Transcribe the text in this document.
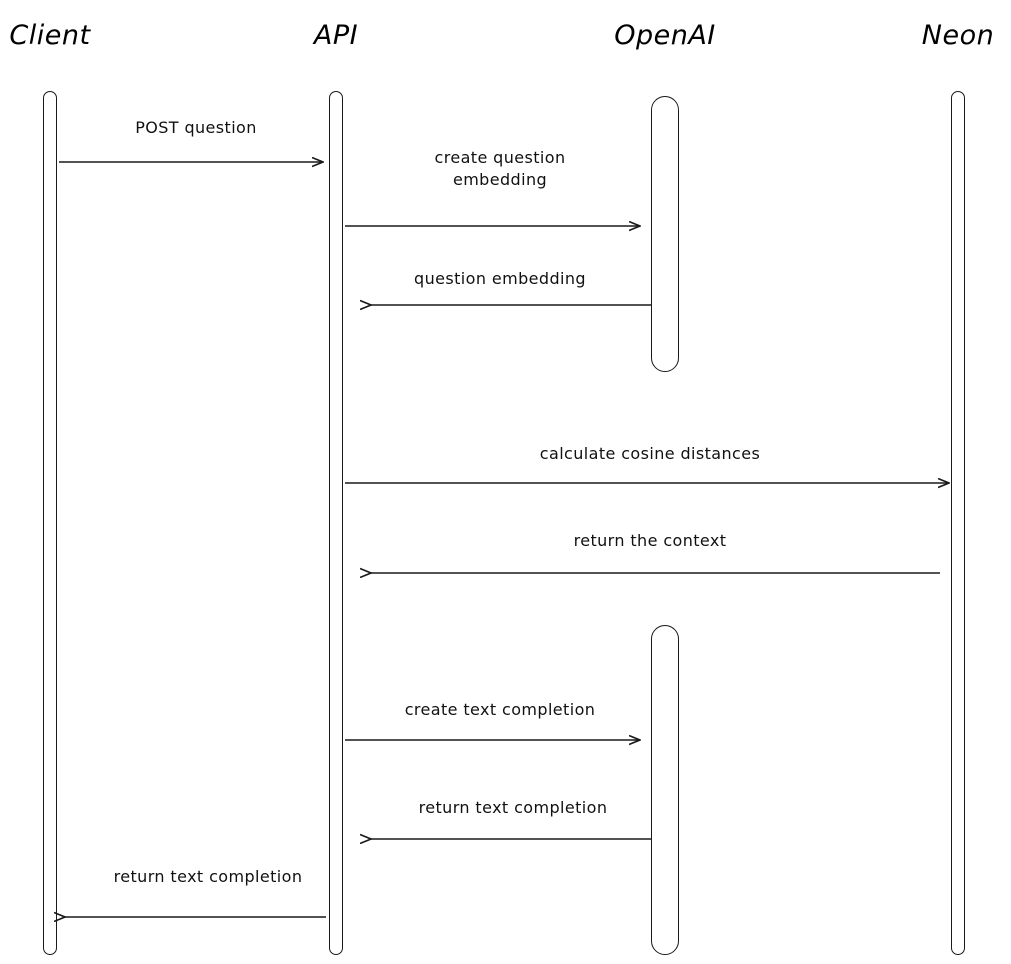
Client	API	OpenAI	Neon
POST question
create question embedding
question embedding
calculate cosine distances
return the context
create text completion
return text completion
return text completion
